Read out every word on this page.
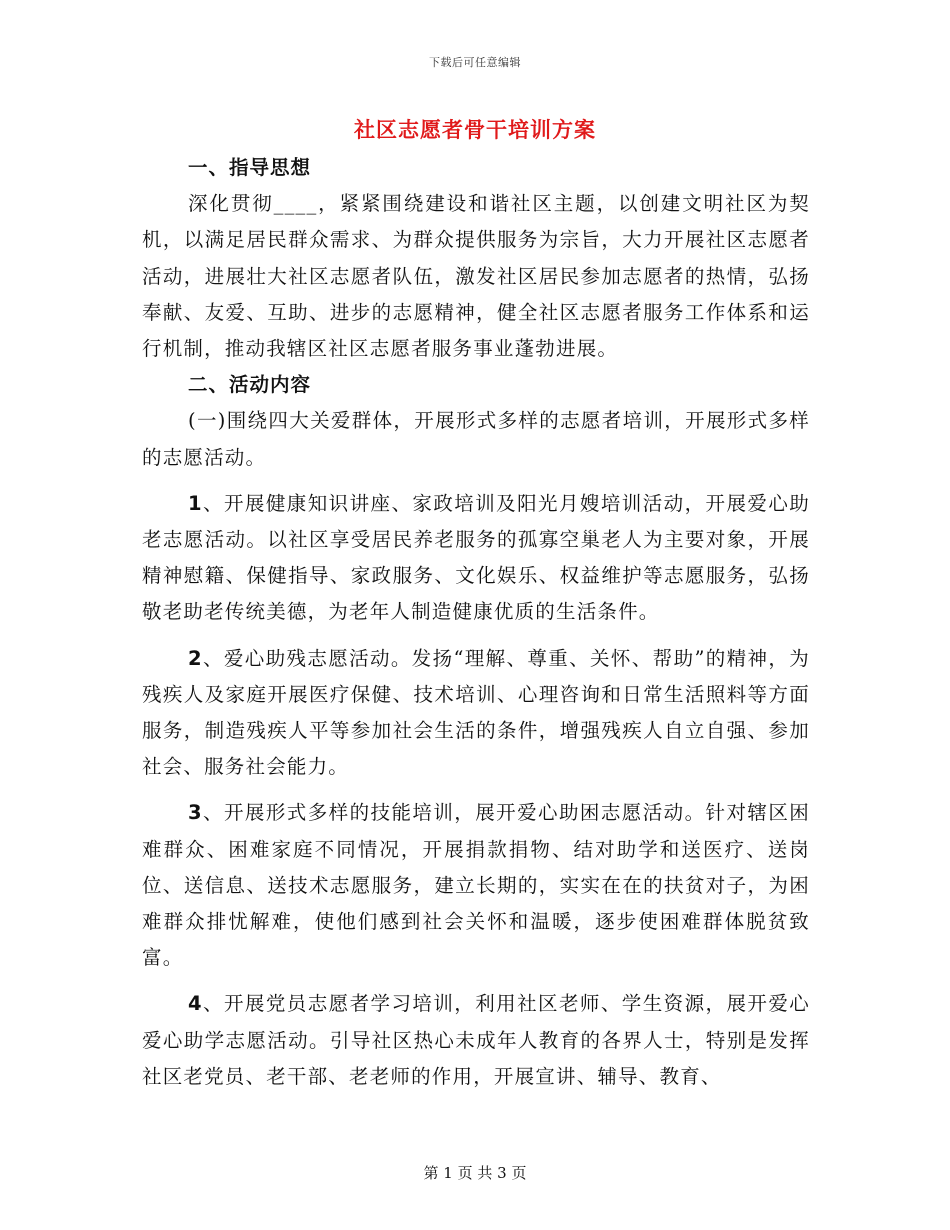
下载后可任意编辑
社区志愿者骨干培训方案

一、指导思想

深化贯彻____，紧紧围绕建设和谐社区主题，以创建文明社区为契机，以满足居民群众需求、为群众提供服务为宗旨，大力开展社区志愿者活动，进展壮大社区志愿者队伍，激发社区居民参加志愿者的热情，弘扬奉献、友爱、互助、进步的志愿精神，健全社区志愿者服务工作体系和运行机制，推动我辖区社区志愿者服务事业蓬勃进展。

二、活动内容

(一)围绕四大关爱群体，开展形式多样的志愿者培训，开展形式多样的志愿活动。

1、开展健康知识讲座、家政培训及阳光月嫂培训活动，开展爱心助老志愿活动。以社区享受居民养老服务的孤寡空巢老人为主要对象，开展精神慰籍、保健指导、家政服务、文化娱乐、权益维护等志愿服务，弘扬敬老助老传统美德，为老年人制造健康优质的生活条件。

2、爱心助残志愿活动。发扬“理解、尊重、关怀、帮助”的精神，为残疾人及家庭开展医疗保健、技术培训、心理咨询和日常生活照料等方面服务，制造残疾人平等参加社会生活的条件，增强残疾人自立自强、参加社会、服务社会能力。

3、开展形式多样的技能培训，展开爱心助困志愿活动。针对辖区困难群众、困难家庭不同情况，开展捐款捐物、结对助学和送医疗、送岗位、送信息、送技术志愿服务，建立长期的，实实在在的扶贫对子，为困难群众排忧解难，使他们感到社会关怀和温暖，逐步使困难群体脱贫致富。

4、开展党员志愿者学习培训，利用社区老师、学生资源，展开爱心爱心助学志愿活动。引导社区热心未成年人教育的各界人士，特别是发挥社区老党员、老干部、老老师的作用，开展宣讲、辅导、教育、

第 1 页 共 3 页
